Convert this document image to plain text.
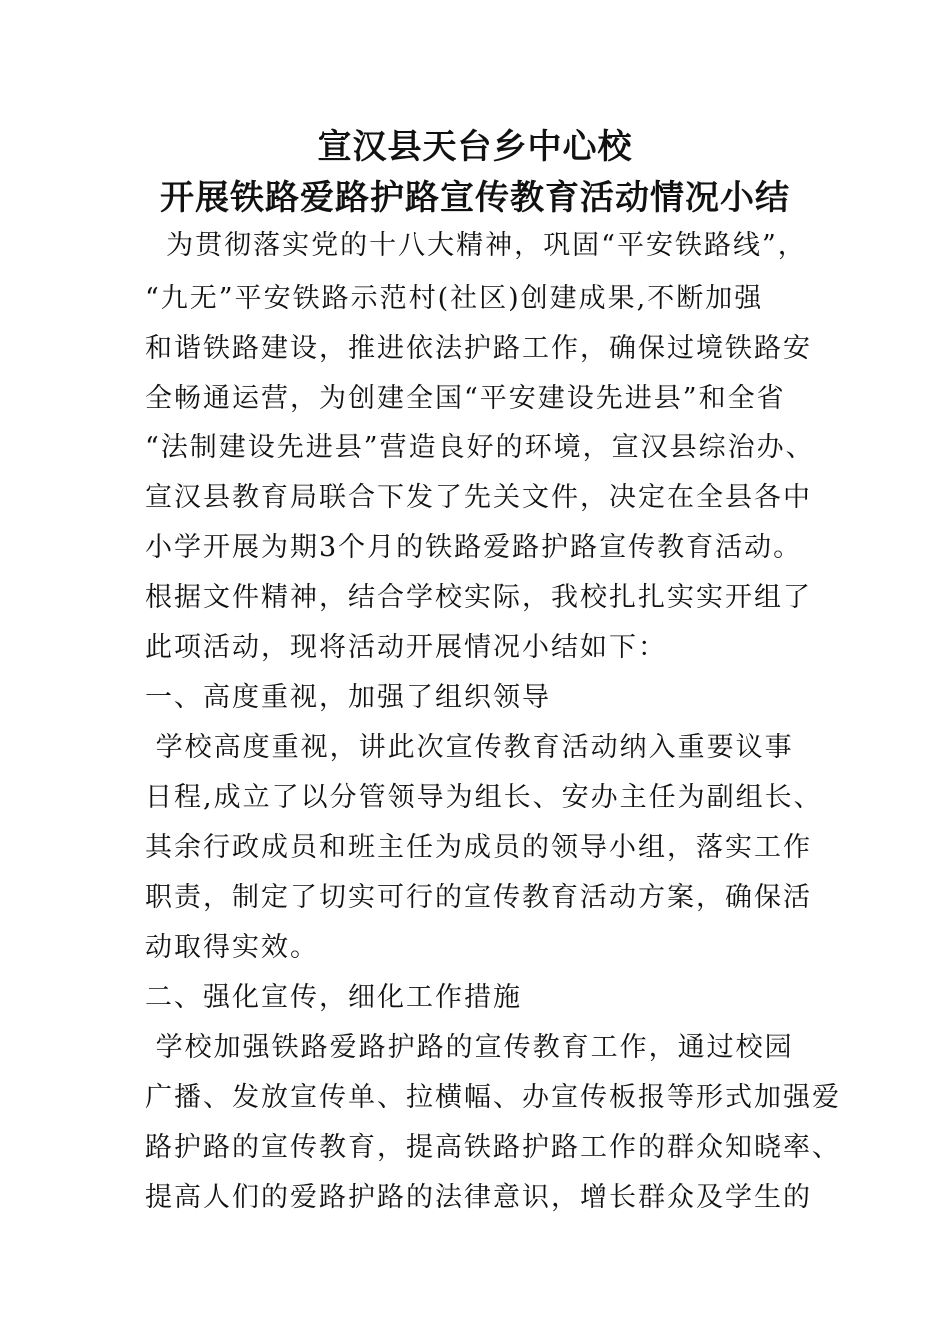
宣汉县天台乡中心校
开展铁路爱路护路宣传教育活动情况小结
为贯彻落实党的十八大精神，巩固“平安铁路线”，
“九无”平安铁路示范村(社区)创建成果,不断加强
和谐铁路建设，推进依法护路工作，确保过境铁路安
全畅通运营，为创建全国“平安建设先进县”和全省
“法制建设先进县”营造良好的环境，宣汉县综治办、
宣汉县教育局联合下发了先关文件，决定在全县各中
小学开展为期3个月的铁路爱路护路宣传教育活动。
根据文件精神，结合学校实际，我校扎扎实实开组了
此项活动，现将活动开展情况小结如下：
一、高度重视，加强了组织领导
学校高度重视，讲此次宣传教育活动纳入重要议事
日程,成立了以分管领导为组长、安办主任为副组长、
其余行政成员和班主任为成员的领导小组，落实工作
职责，制定了切实可行的宣传教育活动方案，确保活
动取得实效。
二、强化宣传，细化工作措施
学校加强铁路爱路护路的宣传教育工作，通过校园
广播、发放宣传单、拉横幅、办宣传板报等形式加强爱
路护路的宣传教育，提高铁路护路工作的群众知晓率、
提高人们的爱路护路的法律意识，增长群众及学生的
